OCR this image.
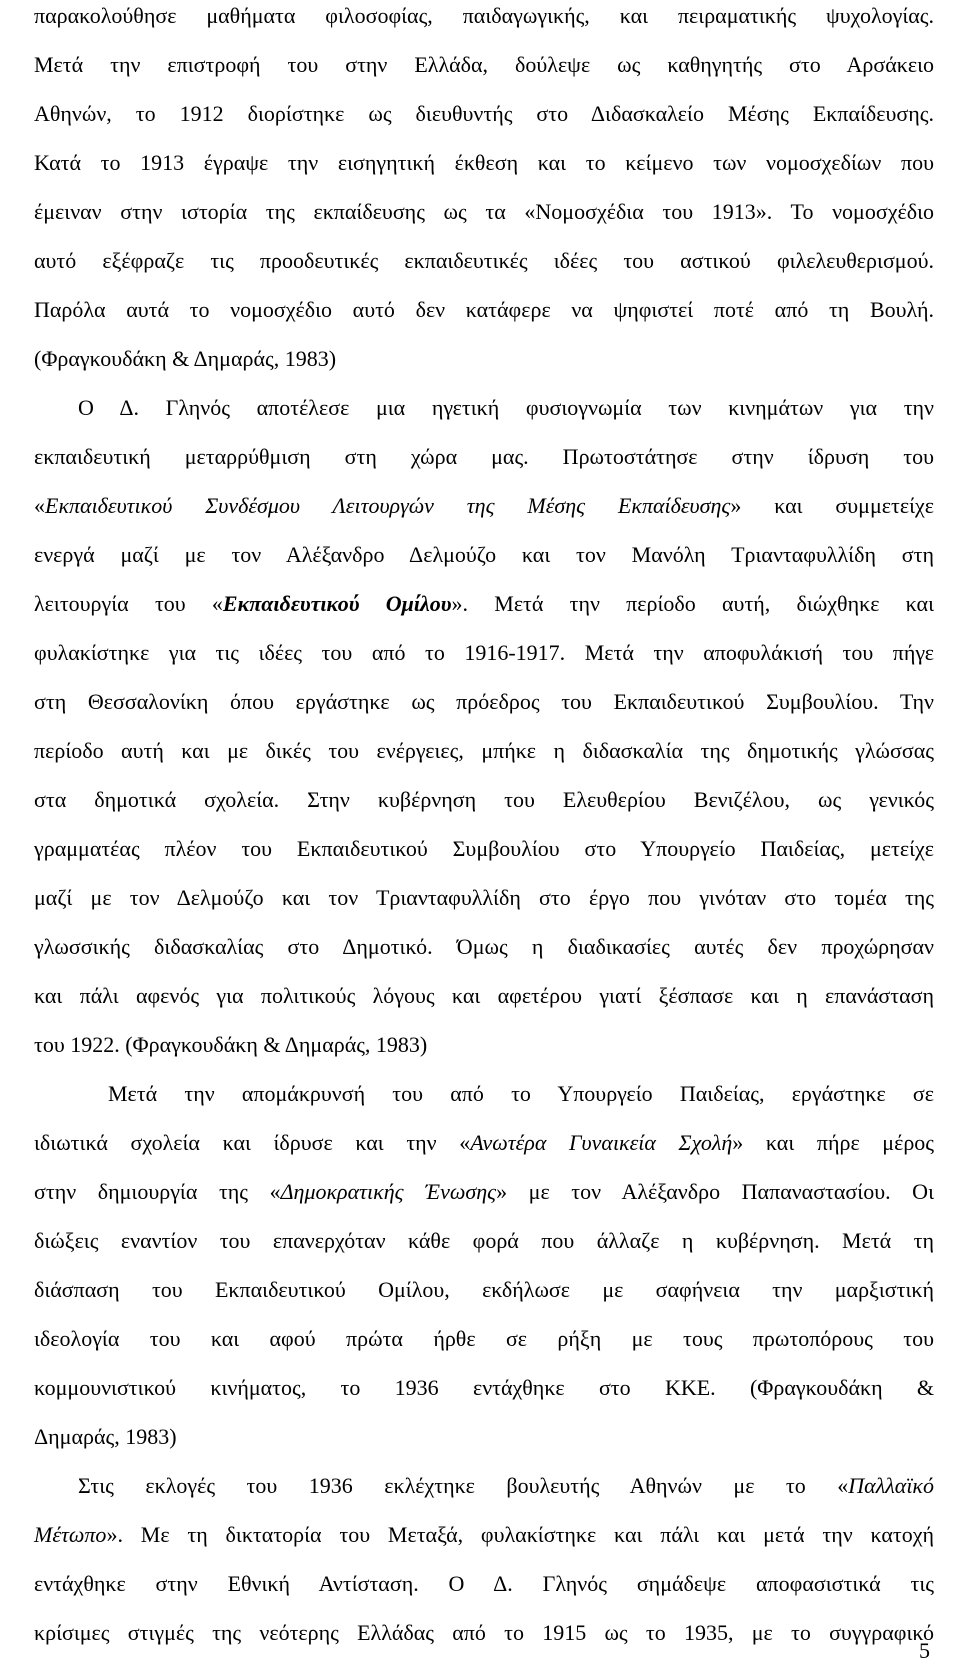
παρακολούθησε μαθήματα φιλοσοφίας, παιδαγωγικής, και πειραματικής ψυχολογίας.
Μετά την επιστροφή του στην Ελλάδα, δούλεψε ως καθηγητής στο Αρσάκειο
Αθηνών, το 1912 διορίστηκε ως διευθυντής στο Διδασκαλείο Μέσης Εκπαίδευσης.
Κατά το 1913 έγραψε την εισηγητική έκθεση και το κείμενο των νομοσχεδίων που
έμειναν στην ιστορία της εκπαίδευσης ως τα «Νομοσχέδια του 1913». Το νομοσχέδιο
αυτό εξέφραζε τις προοδευτικές εκπαιδευτικές ιδέες του αστικού φιλελευθερισμού.
Παρόλα αυτά το νομοσχέδιο αυτό δεν κατάφερε να ψηφιστεί ποτέ από τη Βουλή.
(Φραγκουδάκη & Δημαράς, 1983)
Ο Δ. Γληνός αποτέλεσε μια ηγετική φυσιογνωμία των κινημάτων για την
εκπαιδευτική μεταρρύθμιση στη χώρα μας. Πρωτοστάτησε στην ίδρυση του
«Εκπαιδευτικού Συνδέσμου Λειτουργών της Μέσης Εκπαίδευσης» και συμμετείχε
ενεργά μαζί με τον Αλέξανδρο Δελμούζο και τον Μανόλη Τριανταφυλλίδη στη
λειτουργία του «Εκπαιδευτικού Ομίλου». Μετά την περίοδο αυτή, διώχθηκε και
φυλακίστηκε για τις ιδέες του από το 1916-1917. Μετά την αποφυλάκισή του πήγε
στη Θεσσαλονίκη όπου εργάστηκε ως πρόεδρος του Εκπαιδευτικού Συμβουλίου. Την
περίοδο αυτή και με δικές του ενέργειες, μπήκε η διδασκαλία της δημοτικής γλώσσας
στα δημοτικά σχολεία. Στην κυβέρνηση του Ελευθερίου Βενιζέλου, ως γενικός
γραμματέας πλέον του Εκπαιδευτικού Συμβουλίου στο Υπουργείο Παιδείας, μετείχε
μαζί με τον Δελμούζο και τον Τριανταφυλλίδη στο έργο που γινόταν στο τομέα της
γλωσσικής διδασκαλίας στο Δημοτικό. Όμως η διαδικασίες αυτές δεν προχώρησαν
και πάλι αφενός για πολιτικούς λόγους και αφετέρου γιατί ξέσπασε και η επανάσταση
του 1922. (Φραγκουδάκη & Δημαράς, 1983)
Μετά την απομάκρυνσή του από το Υπουργείο Παιδείας, εργάστηκε σε
ιδιωτικά σχολεία και ίδρυσε και την «Ανωτέρα Γυναικεία Σχολή» και πήρε μέρος
στην δημιουργία της «Δημοκρατικής Ένωσης» με τον Αλέξανδρο Παπαναστασίου. Οι
διώξεις εναντίον του επανερχόταν κάθε φορά που άλλαζε η κυβέρνηση. Μετά τη
διάσπαση του Εκπαιδευτικού Ομίλου, εκδήλωσε με σαφήνεια την μαρξιστική
ιδεολογία του και αφού πρώτα ήρθε σε ρήξη με τους πρωτοπόρους του
κομμουνιστικού κινήματος, το 1936 εντάχθηκε στο ΚΚΕ. (Φραγκουδάκη &
Δημαράς, 1983)
Στις εκλογές του 1936 εκλέχτηκε βουλευτής Αθηνών με το «Παλλαϊκό
Μέτωπο». Με τη δικτατορία του Μεταξά, φυλακίστηκε και πάλι και μετά την κατοχή
εντάχθηκε στην Εθνική Αντίσταση. Ο Δ. Γληνός σημάδεψε αποφασιστικά τις
κρίσιμες στιγμές της νεότερης Ελλάδας από το 1915 ως το 1935, με το συγγραφικό
5
